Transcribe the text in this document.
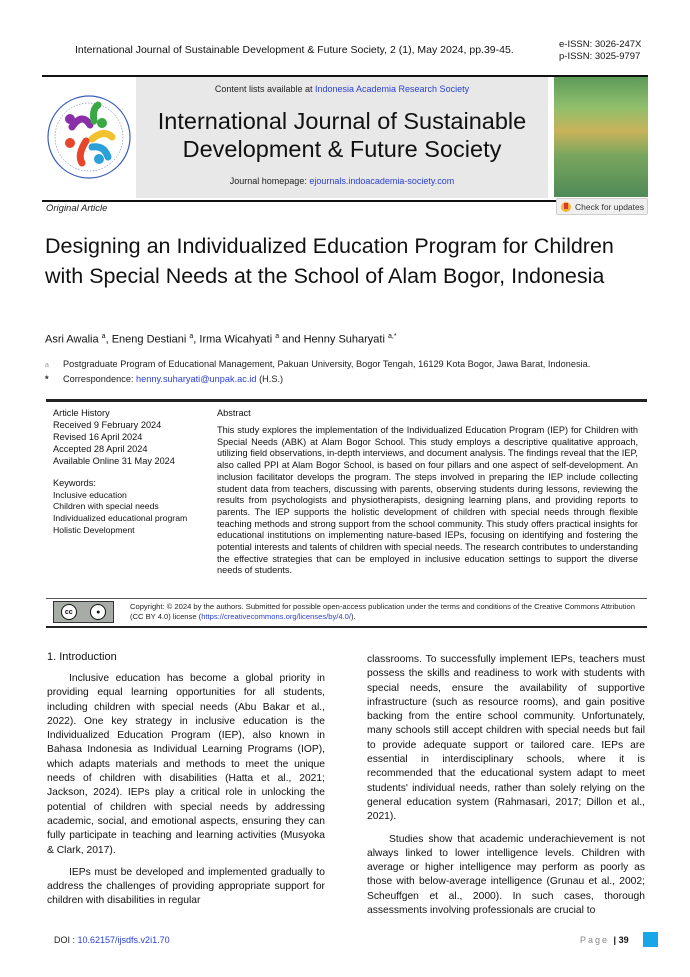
International Journal of Sustainable Development & Future Society, 2 (1), May 2024, pp.39-45.	e-ISSN: 3026-247X
p-ISSN: 3025-9797
Content lists available at Indonesia Academia Research Society
International Journal of Sustainable
Development & Future Society
Journal homepage: ejournals.indoacademia-society.com
Original Article	Check for updates
Designing an Individualized Education Program for Children with Special Needs at the School of Alam Bogor, Indonesia
Asri Awalia $^a$, Eneng Destiani $^a$, Irma Wicahyati $^a$ and Henny Suharyati $^{a,*}$
a Postgraduate Program of Educational Management, Pakuan University, Bogor Tengah, 16129 Kota Bogor, Jawa Barat, Indonesia.
* Correspondence: henny.suharyati@unpak.ac.id (H.S.)
Article History
Received 9 February 2024
Revised 16 April 2024
Accepted 28 April 2024
Available Online 31 May 2024
Keywords:
Inclusive education
Children with special needs
Individualized educational program
Holistic Development
Abstract
This study explores the implementation of the Individualized Education Program (IEP) for Children with Special Needs (ABK) at Alam Bogor School. This study employs a descriptive qualitative approach, utilizing field observations, in-depth interviews, and document analysis. The findings reveal that the IEP, also called PPI at Alam Bogor School, is based on four pillars and one aspect of self-development. An inclusion facilitator develops the program. The steps involved in preparing the IEP include collecting student data from teachers, discussing with parents, observing students during lessons, reviewing the results from psychologists and physiotherapists, designing learning plans, and providing reports to parents. The IEP supports the holistic development of children with special needs through flexible teaching methods and strong support from the school community. This study offers practical insights for educational institutions on implementing nature-based IEPs, focusing on identifying and fostering the potential interests and talents of children with special needs. The research contributes to understanding the effective strategies that can be employed in inclusive education settings to support the diverse needs of students.
cc	●
Copyright: © 2024 by the authors. Submitted for possible open-access publication under the terms and conditions of the Creative Commons Attribution (CC BY 4.0) license (https://creativecommons.org/licenses/by/4.0/).
1. Introduction

Inclusive education has become a global priority in providing equal learning opportunities for all students, including children with special needs (Abu Bakar et al., 2022). One key strategy in inclusive education is the Individualized Education Program (IEP), also known in Bahasa Indonesia as Individual Learning Programs (IOP), which adapts materials and methods to meet the unique needs of children with disabilities (Hatta et al., 2021; Jackson, 2024). IEPs play a critical role in unlocking the potential of children with special needs by addressing academic, social, and emotional aspects, ensuring they can fully participate in teaching and learning activities (Musyoka & Clark, 2017).

IEPs must be developed and implemented gradually to address the challenges of providing appropriate support for children with disabilities in regular

classrooms. To successfully implement IEPs, teachers must possess the skills and readiness to work with students with special needs, ensure the availability of supportive infrastructure (such as resource rooms), and gain positive backing from the entire school community. Unfortunately, many schools still accept children with special needs but fail to provide adequate support or tailored care. IEPs are essential in interdisciplinary schools, where it is recommended that the educational system adapt to meet students' individual needs, rather than solely relying on the general education system (Rahmasari, 2017; Dillon et al., 2021).

Studies show that academic underachievement is not always linked to lower intelligence levels. Children with average or higher intelligence may perform as poorly as those with below-average intelligence (Grunau et al., 2002; Scheuffgen et al., 2000). In such cases, thorough assessments involving professionals are crucial to

DOI : 10.62157/ijsdfs.v2i1.70	Page | 39
